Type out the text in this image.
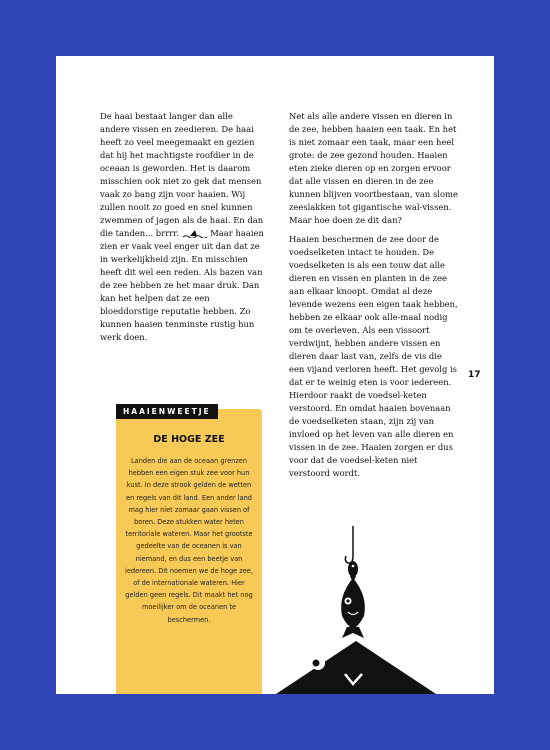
De haai bestaat langer dan alle andere vissen en zeedieren. De haai heeft zo veel meegemaakt en gezien dat hij het machtigste roofdier in de oceaan is geworden. Het is daarom misschien ook niet zo gek dat mensen vaak zo bang zijn voor haaien. Wij zullen nooit zo goed en snel kunnen zwemmen of jagen als de haai. En dan die tanden... brrrr.	Maar haaien zien er vaak veel enger uit dan dat ze in werkelijkheid zijn. En misschien heeft dit wel een reden. Als bazen van de zee hebben ze het maar druk. Dan kan het helpen dat ze een bloeddorstige reputatie hebben. Zo kunnen haaien tenminste rustig hun werk doen.

Net als alle andere vissen en dieren in de zee, hebben haaien een taak. En het is niet zomaar een taak, maar een heel grote: de zee gezond houden. Haaien eten zieke dieren op en zorgen ervoor dat alle vissen en dieren in de zee kunnen blijven voortbestaan, van slome zeeslakken tot gigantische wal-vissen. Maar hoe doen ze dit dan?

Haaien beschermen de zee door de voedselketen intact te houden. De voedselketen is als een touw dat alle dieren en vissen en planten in de zee aan elkaar knoopt. Omdat al deze levende wezens een eigen taak hebben, hebben ze elkaar ook alle-maal nodig om te overleven. Als een vissoort verdwijnt, hebben andere vissen en dieren daar last van, zelfs de vis die een vijand verloren heeft. Het gevolg is dat er te weinig eten is voor iedereen. Hierdoor raakt de voedsel-keten verstoord. En omdat haaien bovenaan de voedselketen staan, zijn zij van invloed op het leven van alle dieren en vissen in de zee. Haaien zorgen er dus voor dat de voedsel-keten niet verstoord wordt.

17
HAAIENWEETJE
DE HOGE ZEE
Landen die aan de oceaan grenzen hebben een eigen stuk zee voor hun kust. In deze strook gelden de wetten en regels van dit land. Een ander land mag hier niet zomaar gaan vissen of boren. Deze stukken water heten territoriale wateren. Maar het grootste gedeelte van de oceanen is van niemand, en dus een beetje van iedereen. Dit noemen we de hoge zee, of de internationale wateren. Hier gelden geen regels. Dit maakt het nog moeilijker om de oceanen te beschermen.
